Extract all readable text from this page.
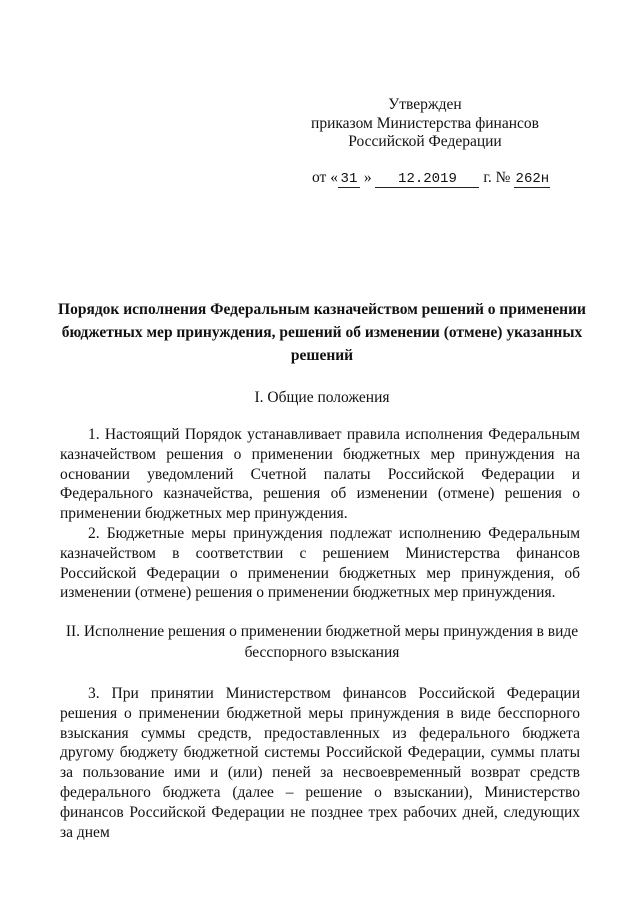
Утвержден
приказом Министерства финансов
Российской Федерации
от « 31 » 12.2019 г. № 262н
Порядок исполнения Федеральным казначейством решений о применении бюджетных мер принуждения, решений об изменении (отмене) указанных решений
I. Общие положения
1. Настоящий Порядок устанавливает правила исполнения Федеральным казначейством решения о применении бюджетных мер принуждения на основании уведомлений Счетной палаты Российской Федерации и Федерального казначейства, решения об изменении (отмене) решения о применении бюджетных мер принуждения.
2. Бюджетные меры принуждения подлежат исполнению Федеральным казначейством в соответствии с решением Министерства финансов Российской Федерации о применении бюджетных мер принуждения, об изменении (отмене) решения о применении бюджетных мер принуждения.
II. Исполнение решения о применении бюджетной меры принуждения в виде бесспорного взыскания
3. При принятии Министерством финансов Российской Федерации решения о применении бюджетной меры принуждения в виде бесспорного взыскания суммы средств, предоставленных из федерального бюджета другому бюджету бюджетной системы Российской Федерации, суммы платы за пользование ими и (или) пеней за несвоевременный возврат средств федерального бюджета (далее – решение о взыскании), Министерство финансов Российской Федерации не позднее трех рабочих дней, следующих за днем
